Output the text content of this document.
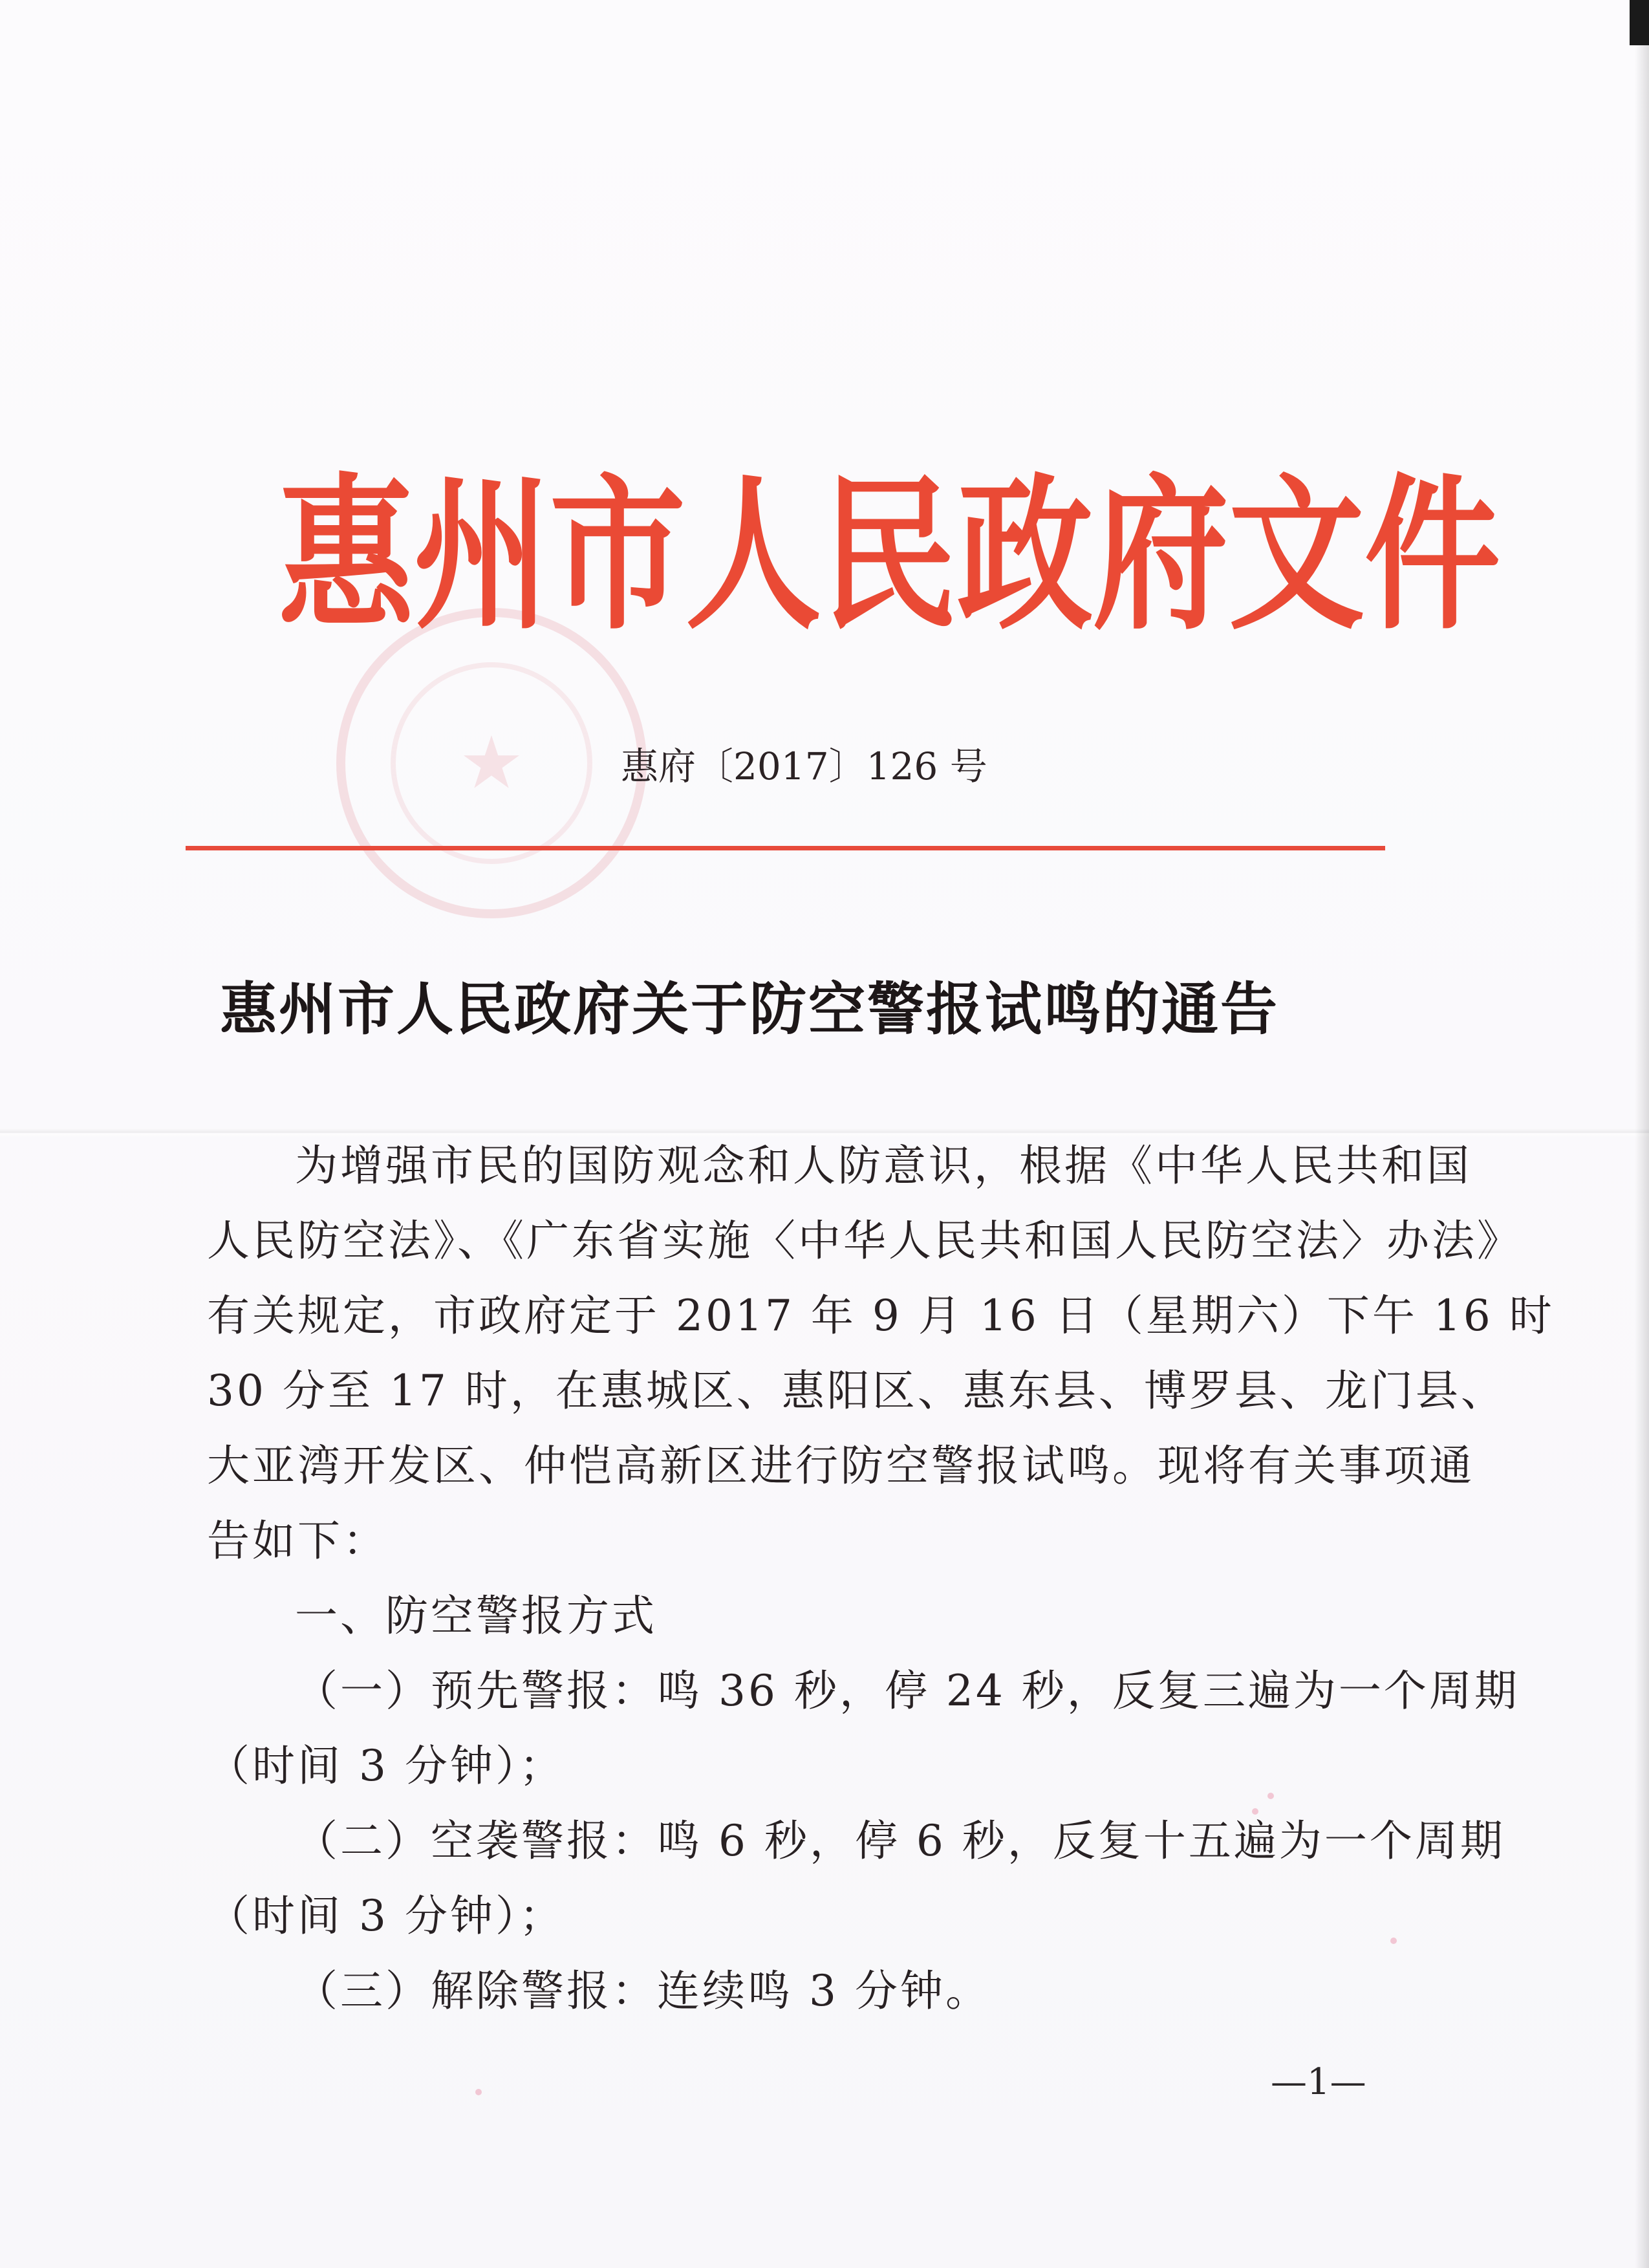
★
惠州市人民政府文件
惠府〔2017〕126 号
惠州市人民政府关于防空警报试鸣的通告
为增强市民的国防观念和人防意识，根据《中华人民共和国
人民防空法》、《广东省实施〈中华人民共和国人民防空法〉办法》
有关规定，市政府定于 2017 年 9 月 16 日（星期六）下午 16 时
30 分至 17 时，在惠城区、惠阳区、惠东县、博罗县、龙门县、
大亚湾开发区、仲恺高新区进行防空警报试鸣。现将有关事项通
告如下：
一、防空警报方式
（一）预先警报：鸣 36 秒，停 24 秒，反复三遍为一个周期
（时间 3 分钟）；
（二）空袭警报：鸣 6 秒，停 6 秒，反复十五遍为一个周期
（时间 3 分钟）；
（三）解除警报：连续鸣 3 分钟。
—1—
